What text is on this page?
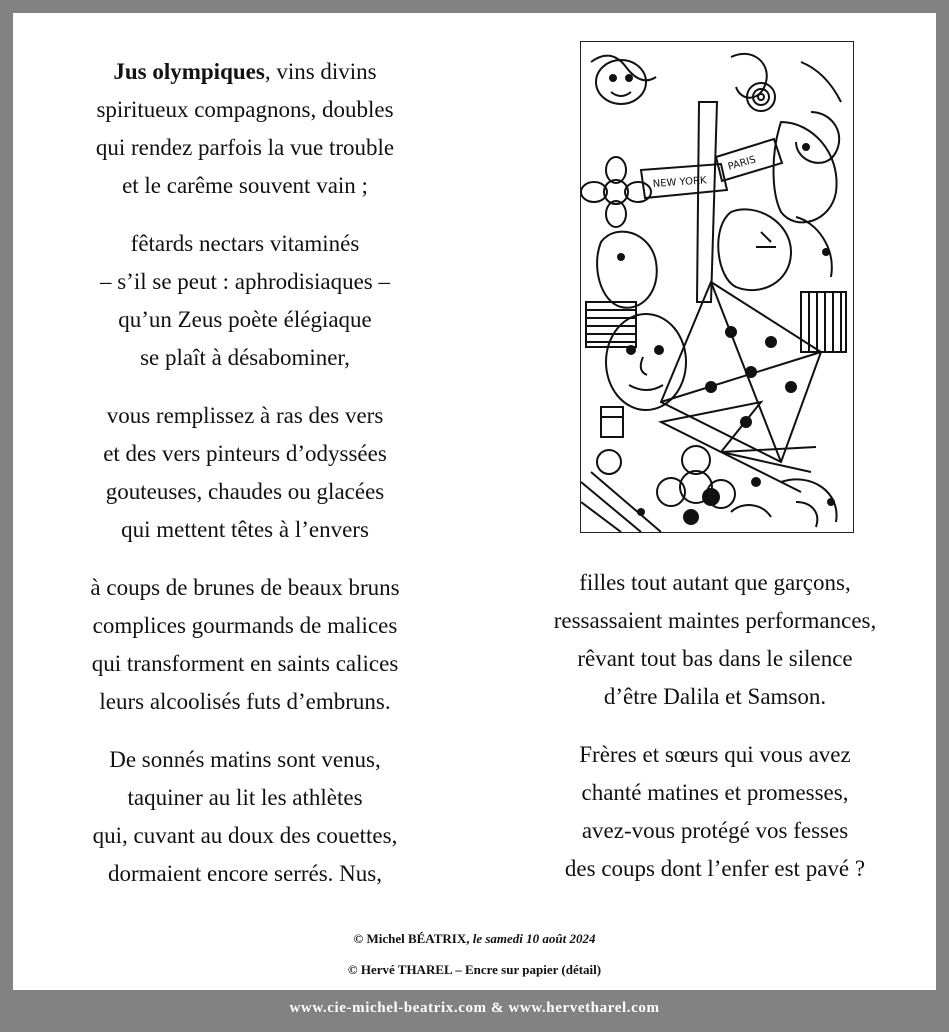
Jus olympiques, vins divins
spiritueux compagnons, doubles
qui rendez parfois la vue trouble
et le carême souvent vain ;
fêtards nectars vitaminés
– s’il se peut : aphrodisiaques –
qu’un Zeus poète élégiaque
se plaît à désabominer,
vous remplissez à ras des vers
et des vers pinteurs d’odyssées
gouteuses, chaudes ou glacées
qui mettent têtes à l’envers
à coups de brunes de beaux bruns
complices gourmands de malices
qui transforment en saints calices
leurs alcoolisés futs d’embruns.
De sonnés matins sont venus,
taquiner au lit les athlètes
qui, cuvant au doux des couettes,
dormaient encore serrés. Nus,
NEW YORK
PARIS
filles tout autant que garçons,
ressassaient maintes performances,
rêvant tout bas dans le silence
d’être Dalila et Samson.
Frères et sœurs qui vous avez
chanté matines et promesses,
avez-vous protégé vos fesses
des coups dont l’enfer est pavé ?
© Michel BÉATRIX, le samedi 10 août 2024
© Hervé THAREL – Encre sur papier (détail)
www.cie-michel-beatrix.com & www.hervetharel.com
